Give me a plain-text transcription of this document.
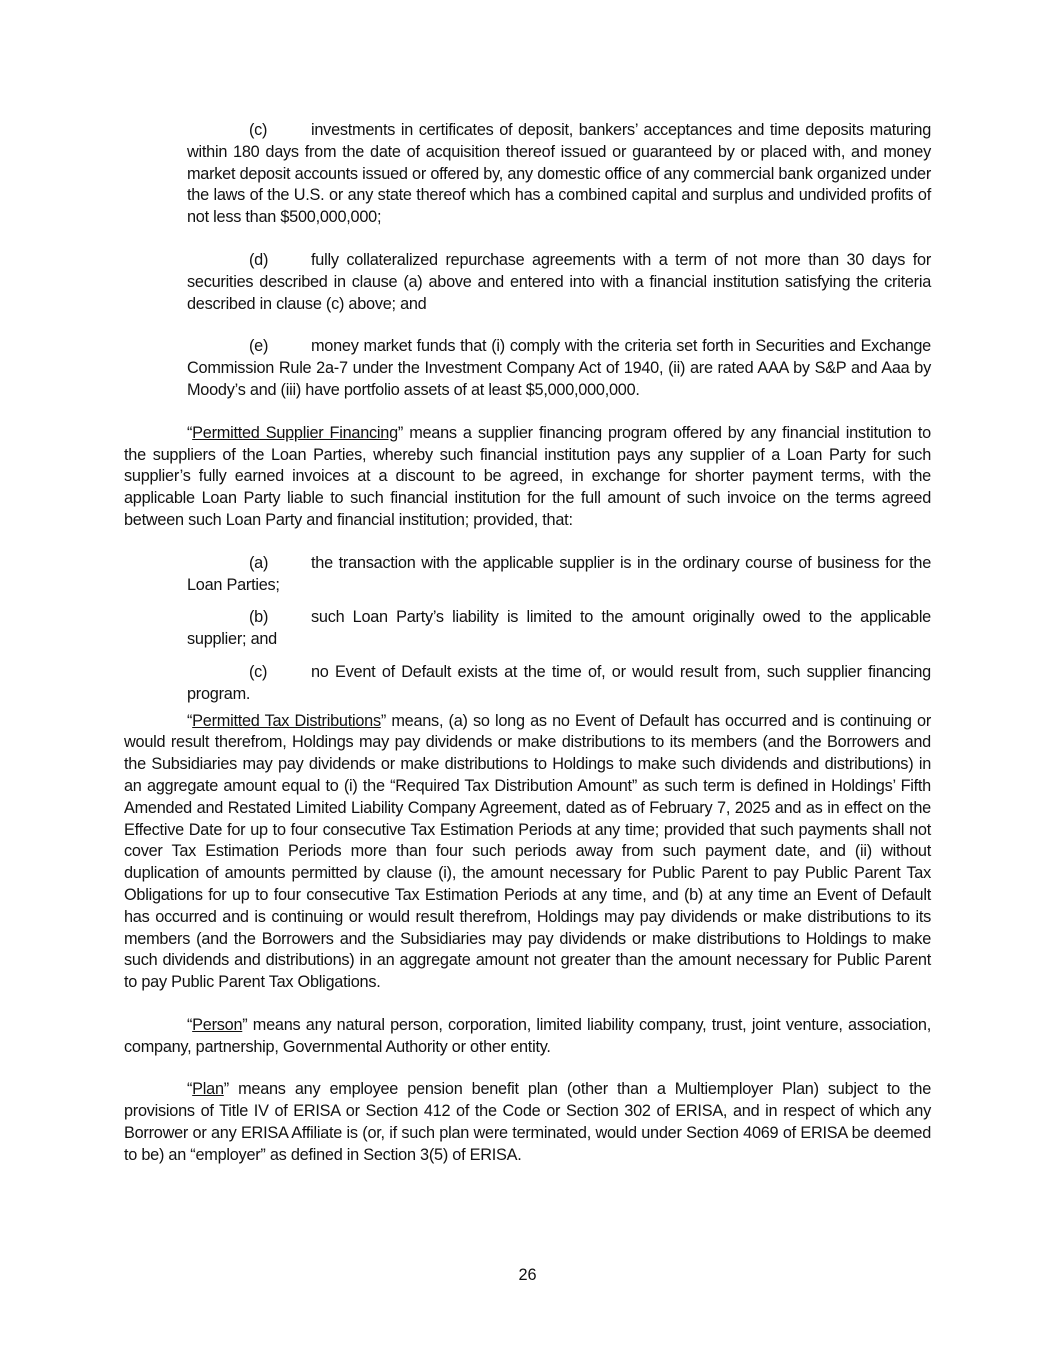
(c)	investments in certificates of deposit, bankers’ acceptances and time deposits maturing within 180 days from the date of acquisition thereof issued or guaranteed by or placed with, and money market deposit accounts issued or offered by, any domestic office of any commercial bank organized under the laws of the U.S. or any state thereof which has a combined capital and surplus and undivided profits of not less than $500,000,000;

(d)	fully collateralized repurchase agreements with a term of not more than 30 days for securities described in clause (a) above and entered into with a financial institution satisfying the criteria described in clause (c) above; and

(e)	money market funds that (i) comply with the criteria set forth in Securities and Exchange Commission Rule 2a-7 under the Investment Company Act of 1940, (ii) are rated AAA by S&P and Aaa by Moody’s and (iii) have portfolio assets of at least $5,000,000,000.

“Permitted Supplier Financing” means a supplier financing program offered by any financial institution to the suppliers of the Loan Parties, whereby such financial institution pays any supplier of a Loan Party for such supplier’s fully earned invoices at a discount to be agreed, in exchange for shorter payment terms, with the applicable Loan Party liable to such financial institution for the full amount of such invoice on the terms agreed between such Loan Party and financial institution; provided, that:

(a)	the transaction with the applicable supplier is in the ordinary course of business for the Loan Parties;

(b)	such Loan Party’s liability is limited to the amount originally owed to the applicable supplier; and

(c)	no Event of Default exists at the time of, or would result from, such supplier financing program.

“Permitted Tax Distributions” means, (a) so long as no Event of Default has occurred and is continuing or would result therefrom, Holdings may pay dividends or make distributions to its members (and the Borrowers and the Subsidiaries may pay dividends or make distributions to Holdings to make such dividends and distributions) in an aggregate amount equal to (i) the “Required Tax Distribution Amount” as such term is defined in Holdings’ Fifth Amended and Restated Limited Liability Company Agreement, dated as of February 7, 2025 and as in effect on the Effective Date for up to four consecutive Tax Estimation Periods at any time; provided that such payments shall not cover Tax Estimation Periods more than four such periods away from such payment date, and (ii) without duplication of amounts permitted by clause (i), the amount necessary for Public Parent to pay Public Parent Tax Obligations for up to four consecutive Tax Estimation Periods at any time, and (b) at any time an Event of Default has occurred and is continuing or would result therefrom, Holdings may pay dividends or make distributions to its members (and the Borrowers and the Subsidiaries may pay dividends or make distributions to Holdings to make such dividends and distributions) in an aggregate amount not greater than the amount necessary for Public Parent to pay Public Parent Tax Obligations.

“Person” means any natural person, corporation, limited liability company, trust, joint venture, association, company, partnership, Governmental Authority or other entity.

“Plan” means any employee pension benefit plan (other than a Multiemployer Plan) subject to the provisions of Title IV of ERISA or Section 412 of the Code or Section 302 of ERISA, and in respect of which any Borrower or any ERISA Affiliate is (or, if such plan were terminated, would under Section 4069 of ERISA be deemed to be) an “employer” as defined in Section 3(5) of ERISA.

26
